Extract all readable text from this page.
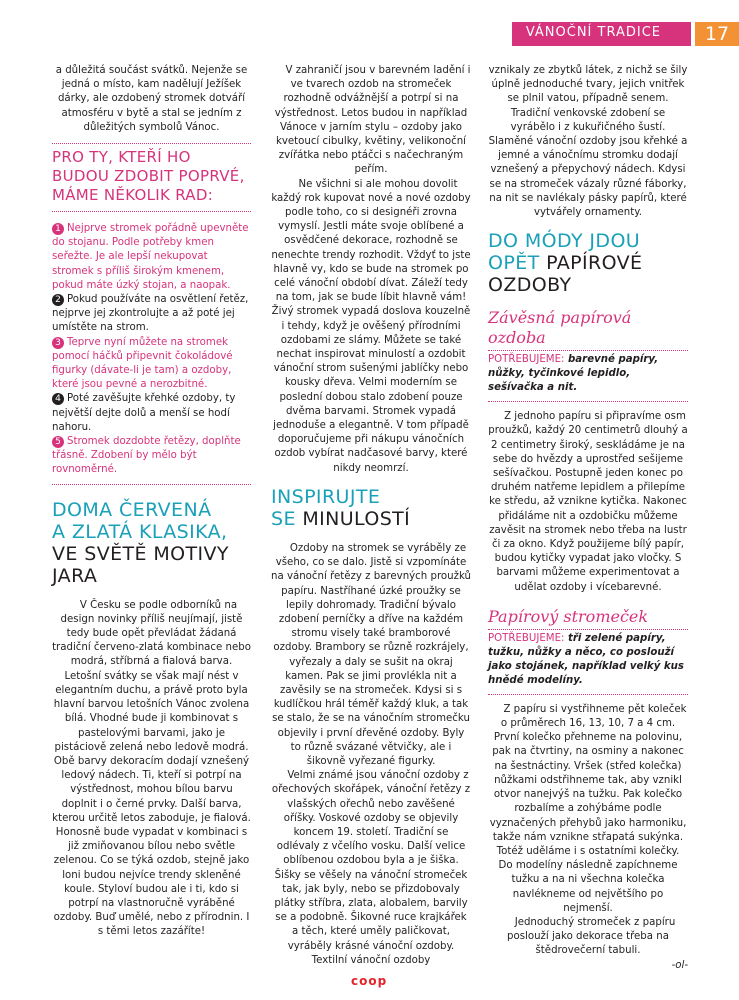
VÁNOČNÍ TRADICE	17

a důležitá součást svátků. Nejenže se jedná o místo, kam nadělují Ježíšek dárky, ale ozdobený stromek dotváří atmosféru v bytě a stal se jedním z důležitých symbolů Vánoc.

PRO TY, KTEŘÍ HO BUDOU ZDOBIT POPRVÉ, MÁME NĚKOLIK RAD:

1 Nejprve stromek pořádně upevněte do stojanu. Podle potřeby kmen seřežte. Je ale lepší nekupovat stromek s příliš širokým kmenem, pokud máte úzký stojan, a naopak.

2 Pokud používáte na osvětlení řetěz, nejprve jej zkontrolujte a až poté jej umístěte na strom.

3 Teprve nyní můžete na stromek pomocí háčků připevnit čokoládové figurky (dávate-li je tam) a ozdoby, které jsou pevné a nerozbitné.

4 Poté zavěšujte křehké ozdoby, ty největší dejte dolů a menší se hodí nahoru.

5 Stromek dozdobte řetězy, doplňte třásně. Zdobení by mělo být rovnoměrné.

DOMA ČERVENÁ
A ZLATÁ KLASIKA,
VE SVĚTĚ MOTIVY
JARA

V Česku se podle odborníků na design novinky příliš neujímají, jistě tedy bude opět převládat žádaná tradiční červeno-zlatá kombinace nebo modrá, stříbrná a fialová barva. Letošní svátky se však mají nést v elegantním duchu, a právě proto byla hlavní barvou letošních Vánoc zvolena bílá. Vhodné bude ji kombinovat s pastelovými barvami, jako je pistáciově zelená nebo ledově modrá. Obě barvy dekoracím dodají vznešený ledový nádech. Ti, kteří si potrpí na výstřednost, mohou bílou barvu doplnit i o černé prvky. Další barva, kterou určitě letos zaboduje, je fialová. Honosně bude vypadat v kombinaci s již zmiňovanou bílou nebo světle zelenou. Co se týká ozdob, stejně jako loni budou nejvíce trendy skleněné koule. Styloví budou ale i ti, kdo si potrpí na vlastnoručně vyráběné ozdoby. Buď umělé, nebo z přírodnin. I s těmi letos zazáříte!

V zahraničí jsou v barevném ladění i ve tvarech ozdob na stromeček rozhodně odvážnější a potrpí si na výstřednost. Letos budou in například Vánoce v jarním stylu – ozdoby jako kvetoucí cibulky, květiny, velikonoční zvířátka nebo ptáčci s načechraným peřím.

Ne všichni si ale mohou dovolit každý rok kupovat nové a nové ozdoby podle toho, co si designéři zrovna vymyslí. Jestli máte svoje oblíbené a osvědčené dekorace, rozhodně se nenechte trendy rozhodit. Vždyť to jste hlavně vy, kdo se bude na stromek po celé vánoční období dívat. Záleží tedy na tom, jak se bude líbit hlavně vám! Živý stromek vypadá doslova kouzelně i tehdy, když je ověšený přírodními ozdobami ze slámy. Můžete se také nechat inspirovat minulostí a ozdobit vánoční strom sušenými jablíčky nebo kousky dřeva. Velmi moderním se poslední dobou stalo zdobení pouze dvěma barvami. Stromek vypadá jednoduše a elegantně. V tom případě doporučujeme při nákupu vánočních ozdob vybírat nadčasové barvy, které nikdy neomrzí.

INSPIRUJTE
SE MINULOSTÍ

Ozdoby na stromek se vyráběly ze všeho, co se dalo. Jistě si vzpomínáte na vánoční řetězy z barevných proužků papíru. Nastříhané úzké proužky se lepily dohromady. Tradiční bývalo zdobení perníčky a dříve na každém stromu visely také bramborové ozdoby. Brambory se různě rozkrájely, vyřezaly a daly se sušit na okraj kamen. Pak se jimi provlékla nit a zavěsily se na stromeček. Kdysi si s kudlíčkou hrál téměř každý kluk, a tak se stalo, že se na vánočním stromečku objevily i první dřevěné ozdoby. Byly to různě svázané větvičky, ale i šikovně vyřezané figurky.

Velmi známé jsou vánoční ozdoby z ořechových skořápek, vánoční řetězy z vlašských ořechů nebo zavěšené oříšky. Voskové ozdoby se objevily koncem 19. století. Tradiční se odlévaly z včelího vosku. Další velice oblíbenou ozdobou byla a je šiška. Šišky se věšely na vánoční stromeček tak, jak byly, nebo se přizdobovaly plátky stříbra, zlata, alobalem, barvily se a podobně. Šikovné ruce krajkářek a těch, které uměly paličkovat, vyráběly krásné vánoční ozdoby. Textilní vánoční ozdoby

vznikaly ze zbytků látek, z nichž se šily úplně jednoduché tvary, jejich vnitřek se plnil vatou, případně senem. Tradiční venkovské zdobení se vyrábělo i z kukuřičného šustí. Slaměné vánoční ozdoby jsou křehké a jemné a vánočnímu stromku dodají vznešený a přepychový nádech. Kdysi se na stromeček vázaly různé fáborky, na nit se navlékaly pásky papírů, které vytvářely ornamenty.

DO MÓDY JDOU
OPĚT PAPÍROVÉ
OZDOBY
Závěsná papírová ozdoba

POTŘEBUJEME: barevné papíry, nůžky, tyčinkové lepidlo, sešívačka a nit.

Z jednoho papíru si připravíme osm proužků, každý 20 centimetrů dlouhý a 2 centimetry široký, seskládáme je na sebe do hvězdy a uprostřed sešijeme sešívačkou. Postupně jeden konec po druhém natřeme lepidlem a přilepíme ke středu, až vznikne kytička. Nakonec přidáláme nit a ozdobičku můžeme zavěsit na stromek nebo třeba na lustr či za okno. Když použijeme bílý papír, budou kytičky vypadat jako vločky. S barvami můžeme experimentovat a udělat ozdoby i vícebarevné.

Papírový stromeček

POTŘEBUJEME: tři zelené papíry, tužku, nůžky a něco, co poslouží jako stojánek, například velký kus hnědé modelíny.

Z papíru si vystřihneme pět koleček o průměrech 16, 13, 10, 7 a 4 cm. První kolečko přehneme na polovinu, pak na čtvrtiny, na osminy a nakonec na šestnáctiny. Vršek (střed kolečka) nůžkami odstřihneme tak, aby vznikl otvor nanejvýš na tužku. Pak kolečko rozbalíme a zohýbáme podle vyznačených přehybů jako harmoniku, takže nám vznikne střapatá sukýnka. Totéž uděláme i s ostatními kolečky. Do modelíny následně zapíchneme tužku a na ni všechna kolečka navlékneme od největšího po nejmenší.

Jednoduchý stromeček z papíru poslouží jako dekorace třeba na štědrovečerní tabuli.

-ol-

coop
